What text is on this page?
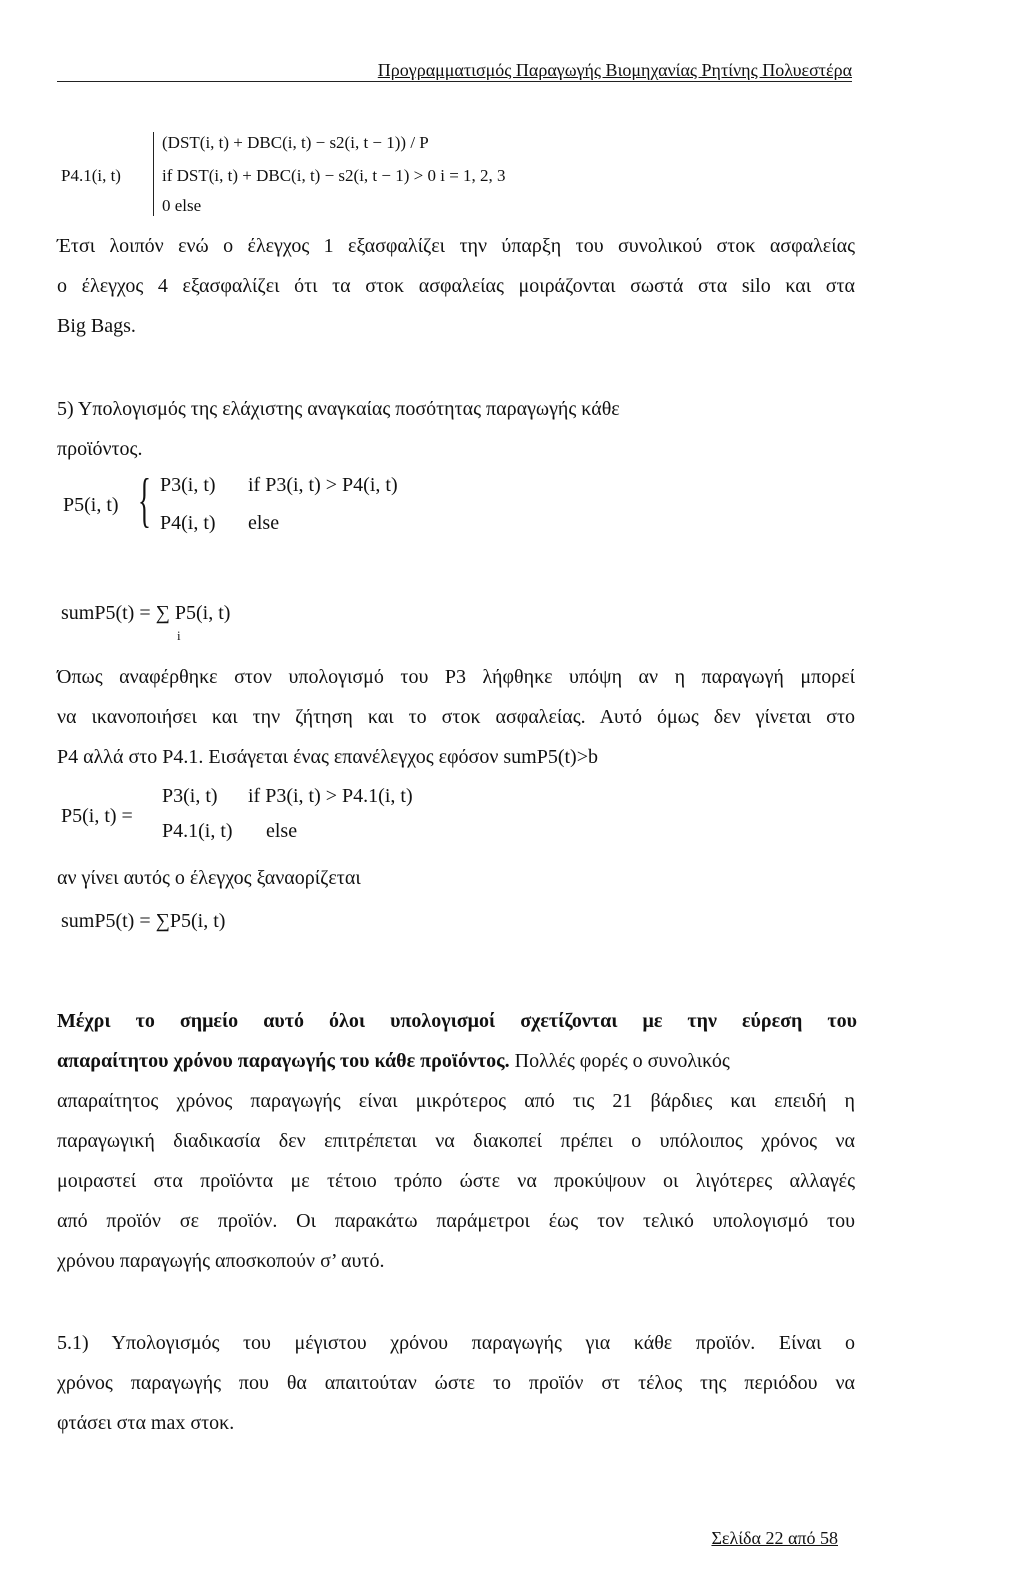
Προγραμματισμός Παραγωγής Βιομηχανίας Ρητίνης Πολυεστέρα
P4.1(i, t)
(DST(i, t) + DBC(i, t) − s2(i, t − 1)) / P
if DST(i, t) + DBC(i, t) − s2(i, t − 1) > 0 i = 1, 2, 3
0 else
Έτσι λοιπόν ενώ ο έλεγχος 1 εξασφαλίζει την ύπαρξη του συνολικού στοκ ασφαλείας
ο έλεγχος 4 εξασφαλίζει ότι τα στοκ ασφαλείας μοιράζονται σωστά στα silo και στα
Big Bags.
5) Υπολογισμός της ελάχιστης αναγκαίας ποσότητας παραγωγής κάθε
προϊόντος.
P5(i, t) { P3(i, t) if P3(i, t) > P4(i, t)
P4(i, t) else
sumP5(t) = ∑ P5(i, t)
i
Όπως αναφέρθηκε στον υπολογισμό του P3 λήφθηκε υπόψη αν η παραγωγή μπορεί
να ικανοποιήσει και την ζήτηση και το στοκ ασφαλείας. Αυτό όμως δεν γίνεται στο
P4 αλλά στο P4.1. Εισάγεται ένας επανέλεγχος εφόσον sumP5(t)>b
P5(i, t) =
P3(i, t) if P3(i, t) > P4.1(i, t)
P4.1(i, t) else
αν γίνει αυτός ο έλεγχος ξαναορίζεται
sumP5(t) = ∑P5(i, t)
Μέχρι το σημείο αυτό όλοι υπολογισμοί σχετίζονται με την εύρεση του
απαραίτητου χρόνου παραγωγής του κάθε προϊόντος. Πολλές φορές ο συνολικός
απαραίτητος χρόνος παραγωγής είναι μικρότερος από τις 21 βάρδιες και επειδή η
παραγωγική διαδικασία δεν επιτρέπεται να διακοπεί πρέπει ο υπόλοιπος χρόνος να
μοιραστεί στα προϊόντα με τέτοιο τρόπο ώστε να προκύψουν οι λιγότερες αλλαγές
από προϊόν σε προϊόν. Οι παρακάτω παράμετροι έως τον τελικό υπολογισμό του
χρόνου παραγωγής αποσκοπούν σ’ αυτό.
5.1) Υπολογισμός του μέγιστου χρόνου παραγωγής για κάθε προϊόν. Είναι ο
χρόνος παραγωγής που θα απαιτούταν ώστε το προϊόν στ τέλος της περιόδου να
φτάσει στα max στοκ.
Σελίδα 22 από 58
